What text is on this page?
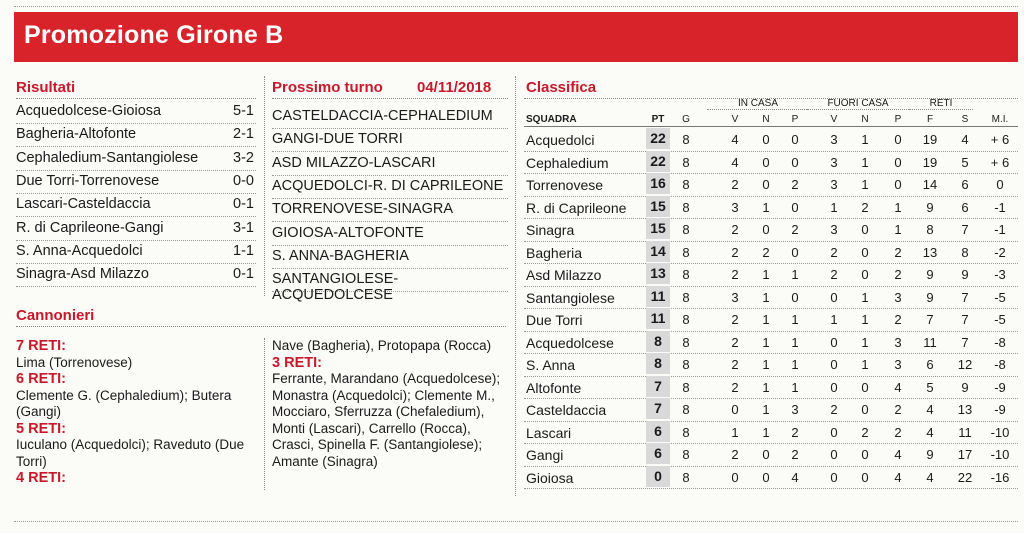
Promozione Girone B
Risultati
Acquedolcese-Gioiosa	5-1
Bagheria-Altofonte	2-1
Cephaledium-Santangiolese 3-2
Due Torri-Torrenovese	0-0
Lascari-Casteldaccia	0-1
R. di Caprileone-Gangi	3-1
S. Anna-Acquedolci	1-1
Sinagra-Asd Milazzo	0-1
Prossimo turno 04/11/2018
CASTELDACCIA-CEPHALEDIUM
GANGI-DUE TORRI
ASD MILAZZO-LASCARI
ACQUEDOLCI-R. DI CAPRILEONE
TORRENOVESE-SINAGRA
GIOIOSA-ALTOFONTE
S. ANNA-BAGHERIA
SANTANGIOLESE-ACQUEDOLCESE
Cannonieri
7 RETI:
Lima (Torrenovese)
6 RETI:
Clemente G. (Cephaledium); Butera (Gangi)
5 RETI:
Iuculano (Acquedolci); Raveduto (Due Torri)
4 RETI:
Nave (Bagheria), Protopapa (Rocca)
3 RETI:
Ferrante, Marandano (Acquedolcese); Monastra (Acquedolci); Clemente M., Mocciaro, Sferruzza (Chefaledium), Monti (Lascari), Carrello (Rocca), Crasci, Spinella F. (Santangiolese); Amante (Sinagra)
Classifica
IN CASA	FUORI CASA	RETI
SQUADRA	PT	G	V	N	P	V	N	P	F	S	M.I.
Acquedolci	22	8	4	0	0	3	1	0	19	4	+ 6
Cephaledium	22	8	4	0	0	3	1	0	19	5	+ 6
Torrenovese	16	8	2	0	2	3	1	0	14	6	0
R. di Caprileone	15	8	3	1	0	1	2	1	9	6	-1
Sinagra	15	8	2	0	2	3	0	1	8	7	-1
Bagheria	14	8	2	2	0	2	0	2	13	8	-2
Asd Milazzo	13	8	2	1	1	2	0	2	9	9	-3
Santangiolese	11	8	3	1	0	0	1	3	9	7	-5
Due Torri	11	8	2	1	1	1	1	2	7	7	-5
Acquedolcese	8	8	2	1	1	0	1	3	11	7	-8
S. Anna	8	8	2	1	1	0	1	3	6	12	-8
Altofonte	7	8	2	1	1	0	0	4	5	9	-9
Casteldaccia	7	8	0	1	3	2	0	2	4	13	-9
Lascari	6	8	1	1	2	0	2	2	4	11	-10
Gangi	6	8	2	0	2	0	0	4	9	17	-10
Gioiosa	0	8	0	0	4	0	0	4	4	22	-16
